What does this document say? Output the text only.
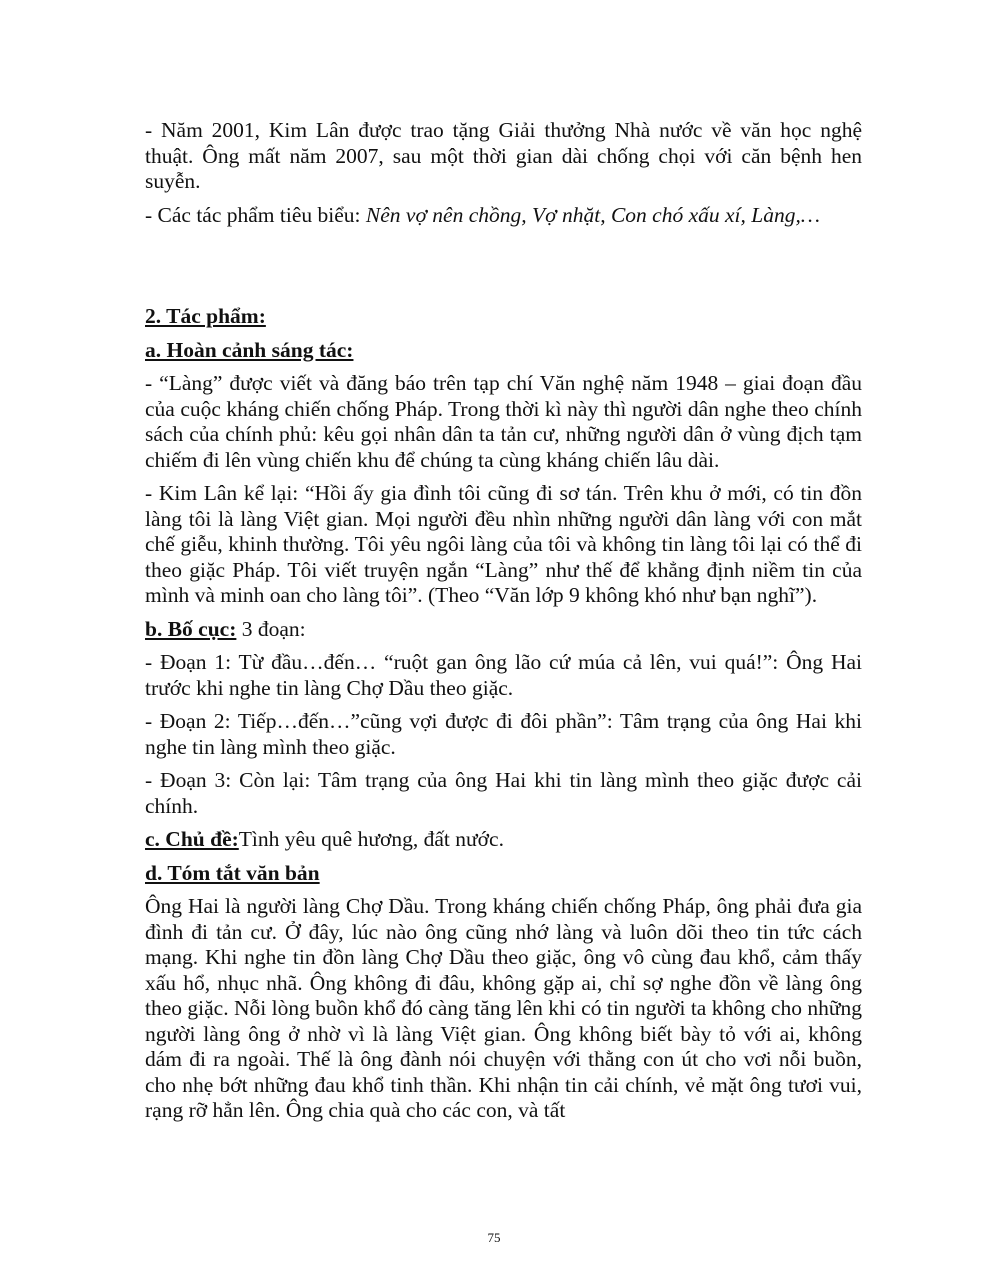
- Năm 2001, Kim Lân được trao tặng Giải thưởng Nhà nước về văn học nghệ thuật. Ông mất năm 2007, sau một thời gian dài chống chọi với căn bệnh hen suyễn.

- Các tác phẩm tiêu biểu: Nên vợ nên chồng, Vợ nhặt, Con chó xấu xí, Làng,…

2. Tác phẩm:

a. Hoàn cảnh sáng tác:

- “Làng” được viết và đăng báo trên tạp chí Văn nghệ năm 1948 – giai đoạn đầu của cuộc kháng chiến chống Pháp. Trong thời kì này thì người dân nghe theo chính sách của chính phủ: kêu gọi nhân dân ta tản cư, những người dân ở vùng địch tạm chiếm đi lên vùng chiến khu để chúng ta cùng kháng chiến lâu dài.

- Kim Lân kể lại: “Hồi ấy gia đình tôi cũng đi sơ tán. Trên khu ở mới, có tin đồn làng tôi là làng Việt gian. Mọi người đều nhìn những người dân làng với con mắt chế giễu, khinh thường. Tôi yêu ngôi làng của tôi và không tin làng tôi lại có thể đi theo giặc Pháp. Tôi viết truyện ngắn “Làng” như thế để khẳng định niềm tin của mình và minh oan cho làng tôi”. (Theo “Văn lớp 9 không khó như bạn nghĩ”).

b. Bố cục: 3 đoạn:

- Đoạn 1: Từ đầu…đến… “ruột gan ông lão cứ múa cả lên, vui quá!”: Ông Hai trước khi nghe tin làng Chợ Dầu theo giặc.

- Đoạn 2: Tiếp…đến…”cũng vợi được đi đôi phần”: Tâm trạng của ông Hai khi nghe tin làng mình theo giặc.

- Đoạn 3: Còn lại: Tâm trạng của ông Hai khi tin làng mình theo giặc được cải chính.

c. Chủ đề:Tình yêu quê hương, đất nước.

d. Tóm tắt văn bản

Ông Hai là người làng Chợ Dầu. Trong kháng chiến chống Pháp, ông phải đưa gia đình đi tản cư. Ở đây, lúc nào ông cũng nhớ làng và luôn dõi theo tin tức cách mạng. Khi nghe tin đồn làng Chợ Dầu theo giặc, ông vô cùng đau khổ, cảm thấy xấu hổ, nhục nhã. Ông không đi đâu, không gặp ai, chỉ sợ nghe đồn về làng ông theo giặc. Nỗi lòng buồn khổ đó càng tăng lên khi có tin người ta không cho những người làng ông ở nhờ vì là làng Việt gian. Ông không biết bày tỏ với ai, không dám đi ra ngoài. Thế là ông đành nói chuyện với thằng con út cho vơi nỗi buồn, cho nhẹ bớt những đau khổ tinh thần. Khi nhận tin cải chính, vẻ mặt ông tươi vui, rạng rỡ hẳn lên. Ông chia quà cho các con, và tất

75
